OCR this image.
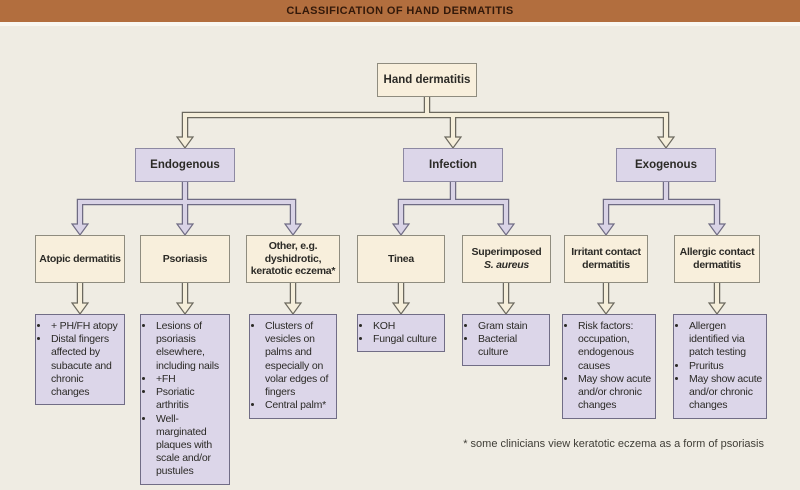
CLASSIFICATION OF HAND DERMATITIS
Hand dermatitis
Endogenous	Infection	Exogenous
Atopic dermatitis	Psoriasis
Other, e.g. dyshidrotic, keratotic eczema*
Tinea
Superimposed
S. aureus
Irritant contact dermatitis
Allergic contact dermatitis
• + PH/FH atopy
• Distal fingers affected by subacute and chronic changes
• Lesions of psoriasis elsewhere, including nails
• +FH
• Psoriatic arthritis
• Well-marginated plaques with scale and/or pustules
• Clusters of vesicles on palms and especially on volar edges of fingers
• Central palm*
• KOH
• Fungal culture
• Gram stain
• Bacterial culture
• Risk factors: occupation, endogenous causes
• May show acute and/or chronic changes
• Allergen identified via patch testing
• Pruritus
• May show acute and/or chronic changes
* some clinicians view keratotic eczema as a form of psoriasis
